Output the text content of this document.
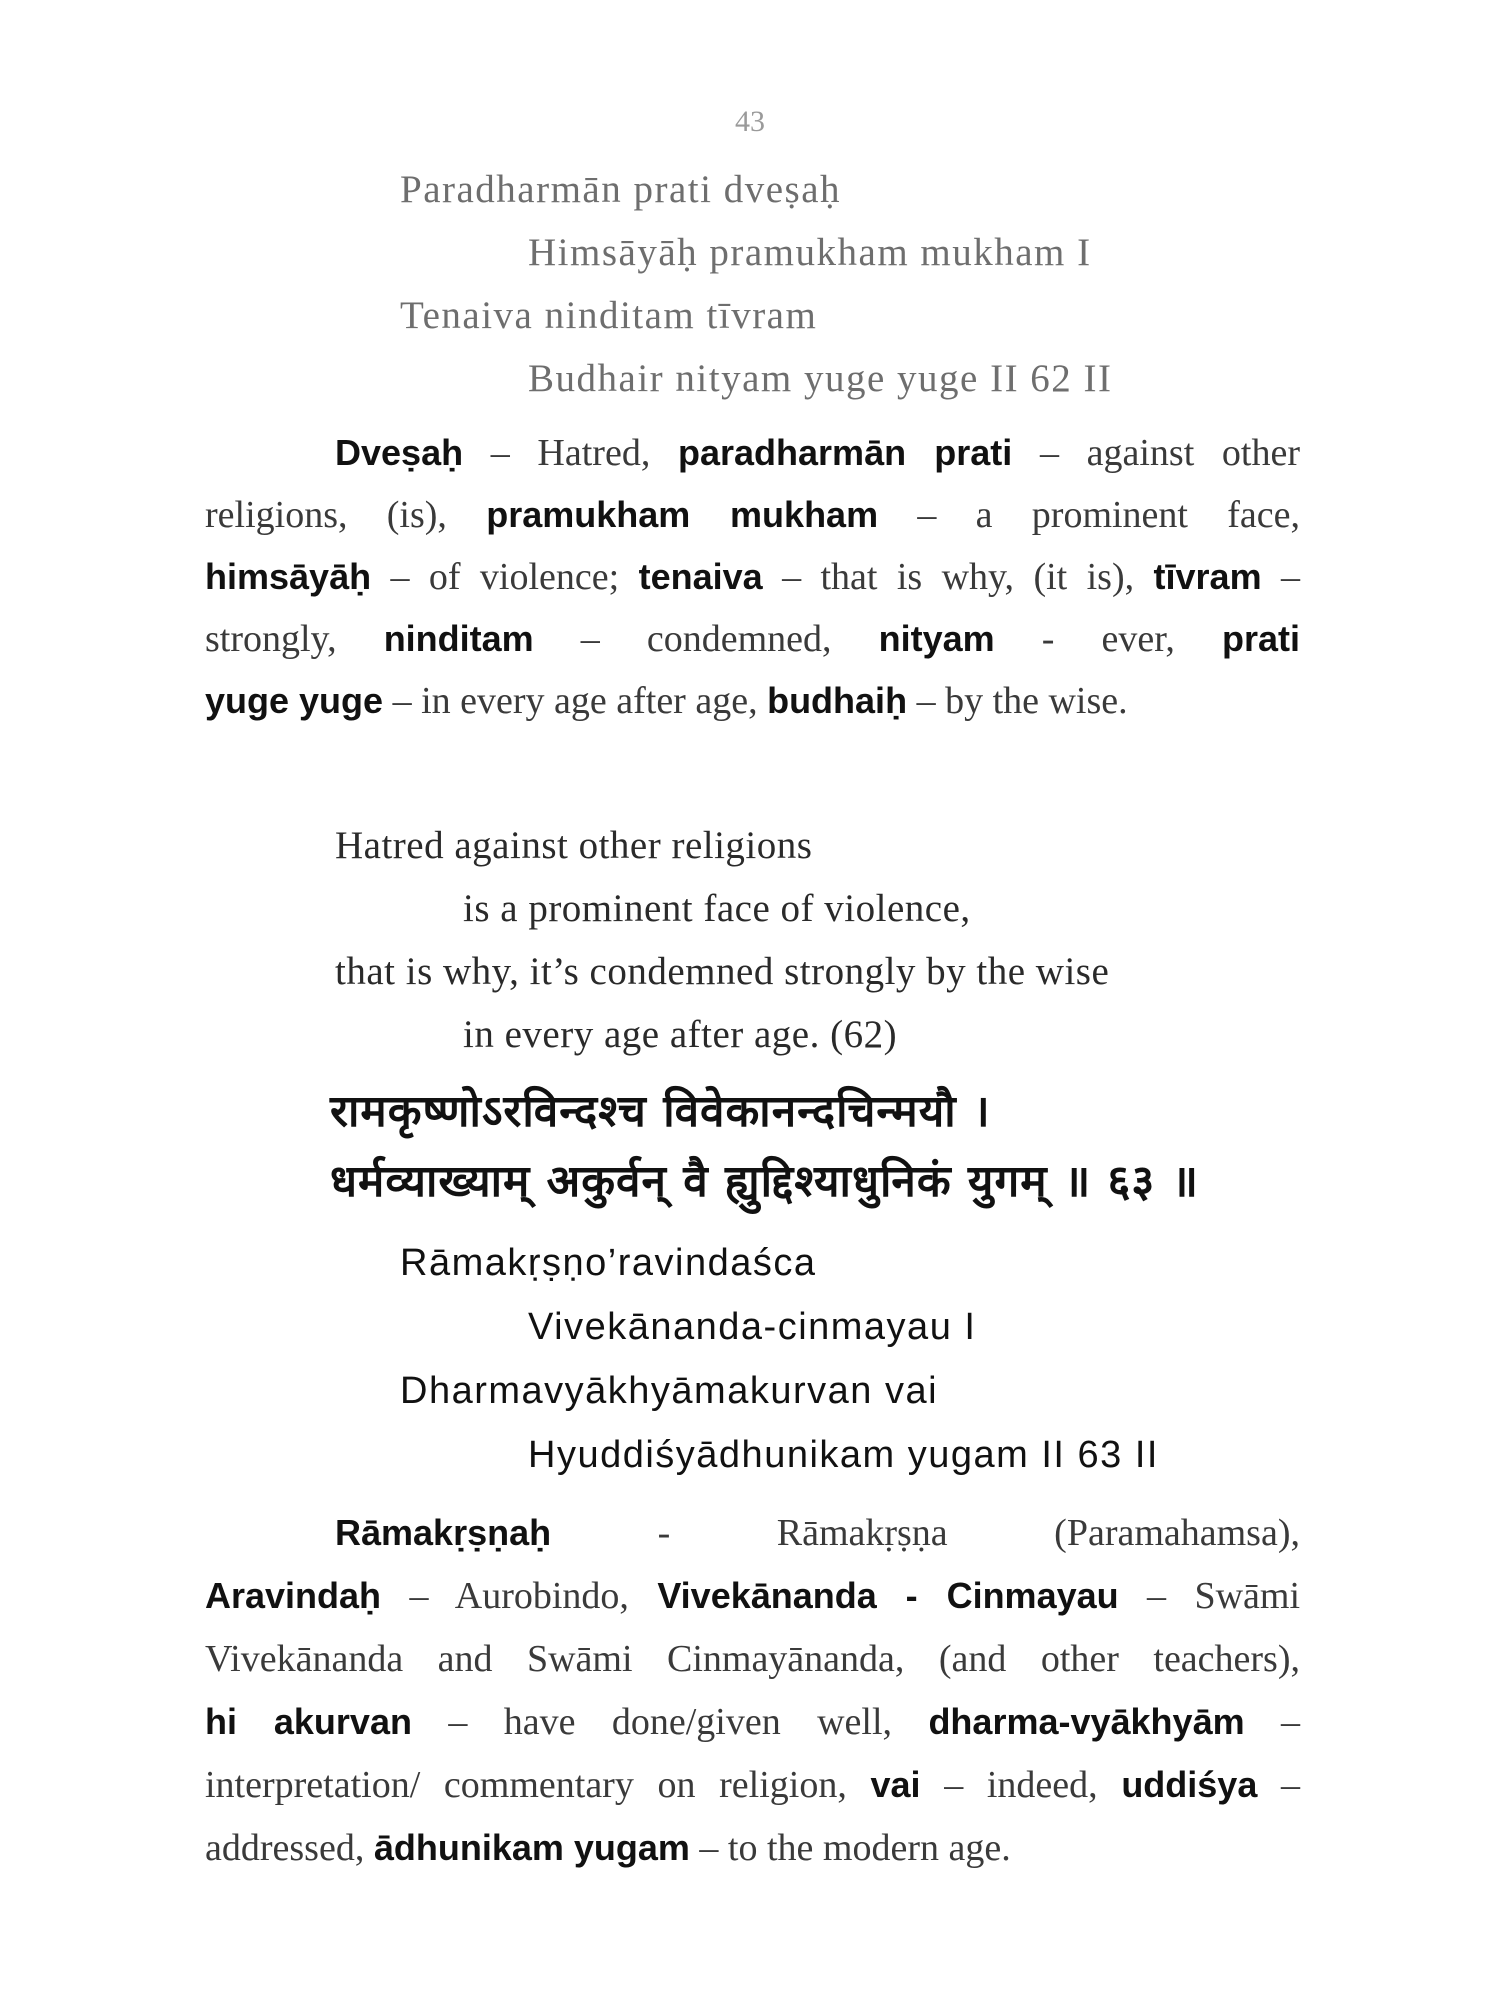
43
Paradharmān prati dveṣaḥ
Himsāyāḥ pramukham mukham I
Tenaiva ninditam tīvram
Budhair nityam yuge yuge II 62 II
Dveṣaḥ – Hatred, paradharmān prati – against other
religions, (is), pramukham mukham – a prominent face,
himsāyāḥ – of violence; tenaiva – that is why, (it is), tīvram –
strongly, ninditam – condemned, nityam - ever, prati
yuge yuge – in every age after age, budhaiḥ – by the wise.
Hatred against other religions
is a prominent face of violence,
that is why, it’s condemned strongly by the wise
in every age after age. (62)
रामकृष्णोऽरविन्दश्च विवेकानन्दचिन्मयौ ।
धर्मव्याख्याम् अकुर्वन् वै ह्युद्दिश्याधुनिकं युगम् ॥ ६३ ॥
Rāmakṛṣṇo’ravindaśca
Vivekānanda-cinmayau I
Dharmavyākhyāmakurvan vai
Hyuddiśyādhunikam yugam II 63 II
Rāmakṛṣṇaḥ - Rāmakṛṣṇa (Paramahamsa),
Aravindaḥ – Aurobindo, Vivekānanda - Cinmayau – Swāmi
Vivekānanda and Swāmi Cinmayānanda, (and other teachers),
hi akurvan – have done/given well, dharma-vyākhyām –
interpretation/ commentary on religion, vai – indeed, uddiśya –
addressed, ādhunikam yugam – to the modern age.
